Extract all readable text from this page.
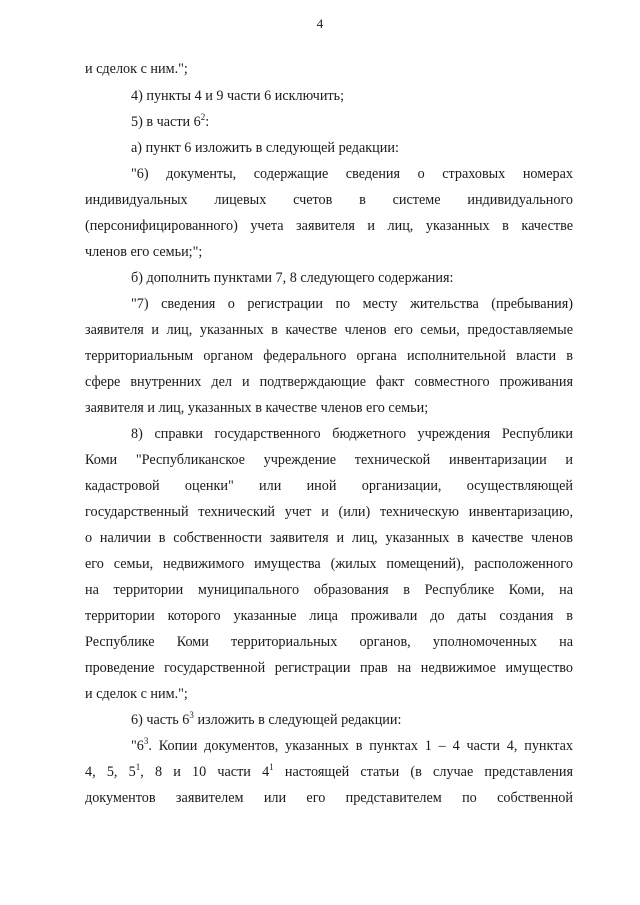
4
и сделок с ним.";
4) пункты 4 и 9 части 6 исключить;
5) в части $6^2$:
а) пункт 6 изложить в следующей редакции:
"6) документы, содержащие сведения о страховых номерах
индивидуальных лицевых счетов в системе индивидуального
(персонифицированного) учета заявителя и лиц, указанных в качестве
членов его семьи;";
б) дополнить пунктами 7, 8 следующего содержания:
"7) сведения о регистрации по месту жительства (пребывания)
заявителя и лиц, указанных в качестве членов его семьи, предоставляемые
территориальным органом федерального органа исполнительной власти в
сфере внутренних дел и подтверждающие факт совместного проживания
заявителя и лиц, указанных в качестве членов его семьи;
8) справки государственного бюджетного учреждения Республики
Коми "Республиканское учреждение технической инвентаризации и
кадастровой оценки" или иной организации, осуществляющей
государственный технический учет и (или) техническую инвентаризацию,
о наличии в собственности заявителя и лиц, указанных в качестве членов
его семьи, недвижимого имущества (жилых помещений), расположенного
на территории муниципального образования в Республике Коми, на
территории которого указанные лица проживали до даты создания в
Республике Коми территориальных органов, уполномоченных на
проведение государственной регистрации прав на недвижимое имущество
и сделок с ним.";
6) часть $6^3$ изложить в следующей редакции:
"$6^3$. Копии документов, указанных в пунктах 1 – 4 части 4, пунктах
4, 5, $5^1$, 8 и 10 части $4^1$ настоящей статьи (в случае представления
документов заявителем или его представителем по собственной
